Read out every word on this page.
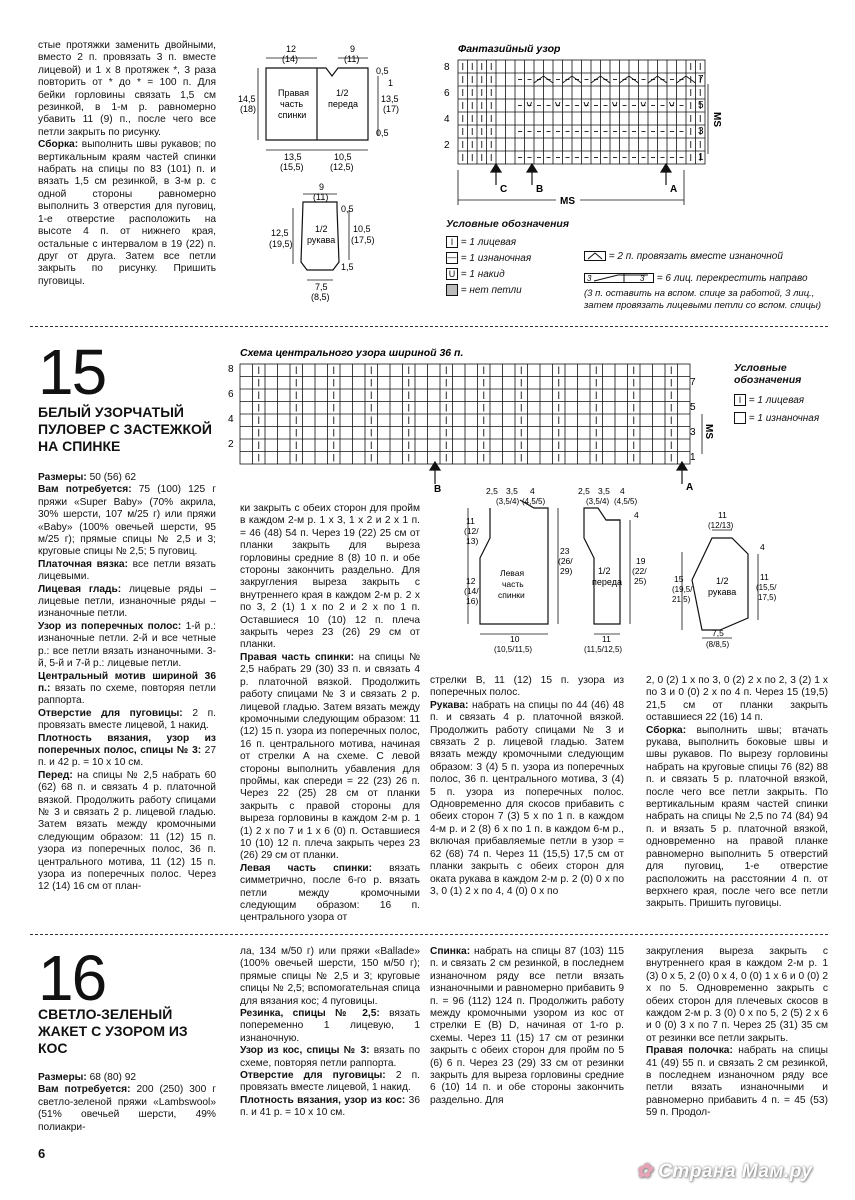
стые протяжки заменить двойными, вместо 2 п. провязать 3 п. вместе лицевой) и 1 х 8 протяжек *, 3 раза повторить от * до * = 100 п. Для бейки горловины связать 1,5 см резинкой, в 1-м р. равномерно убавить 11 (9) п., после чего все петли закрыть по рисунку.

Сборка: выполнить швы рукавов; по вертикальным краям частей спинки набрать на спицы по 83 (101) п. и вязать 1,5 см резинкой, в 3-м р. с одной стороны равномерно выполнить 3 отверстия для пуговиц, 1-е отверстие расположить на высоте 4 п. от нижнего края, остальные с интервалом в 19 (22) п. друг от друга. Затем все петли закрыть по рисунку. Пришить пуговицы.

12
(14)
9
(11)
14,5
(18)
13,5
(17)
0,5
1
0,5
Правая
часть
спинки
1/2
переда
13,5
(15,5)
10,5
(12,5)
9
(11)
0,5
12,5
(19,5)
10,5
(17,5)
1,5
1/2
рукава
7,5
(8,5)
Фантазийный узор
8
6
4
2
7
5
3
1
MS
C	B	A
MS
Условные обозначения
I
= 1 лицевая
—
= 1 изнаночная
U
= 1 накид

= нет петли

= 2 п. провязать вместе изнаночной
3	3
= 6 лиц. перекрестить направо
(3 п. оставить на вспом. спице за работой, 3 лиц., затем провязать лицевыми петли со вспом. спицы)
15
БЕЛЫЙ УЗОРЧАТЫЙ ПУЛОВЕР С ЗАСТЕЖКОЙ НА СПИНКЕ
Схема центрального узора шириной 36 п.
8
6
4
2
7
5
3
1
MS
B	A
Условные обозначения
I
= 1 лицевая

= 1 изнаночная
2,5 3,5 4
(3,5/4) (4,5/5)
11
(12/
13)
12
(14/
16)
23
(26/
29)
Левая
часть
спинки
10
(10,5/11,5)
2,5 3,5 4
(3,5/4) (4,5/5)
4
19
(22/
25)
1/2
переда
11
(11,5/12,5)
11
(12/13)
4
15
(19,5/
21,5)
11
(15,5/
17,5)
1/2
рукава
7,5
(8/8,5)

Размеры: 50 (56) 62

Вам потребуется: 75 (100) 125 г пряжи «Super Baby» (70% акрила, 30% шерсти, 107 м/25 г) или пряжи «Baby» (100% овечьей шерсти, 95 м/25 г); прямые спицы № 2,5 и 3; круговые спицы № 2,5; 5 пуговиц.

Платочная вязка: все петли вязать лицевыми.

Лицевая гладь: лицевые ряды – лицевые петли, изнаночные ряды – изнаночные петли.

Узор из поперечных полос: 1-й р.: изнаночные петли. 2-й и все четные р.: все петли вязать изнаночными. 3-й, 5-й и 7-й р.: лицевые петли.

Центральный мотив шириной 36 п.: вязать по схеме, повторяя петли раппорта.

Отверстие для пуговицы: 2 п. провязать вместе лицевой, 1 накид.

Плотность вязания, узор из поперечных полос, спицы № 3: 27 п. и 42 р. = 10 х 10 см.

Перед: на спицы № 2,5 набрать 60 (62) 68 п. и связать 4 р. платочной вязкой. Продолжить работу спицами № 3 и связать 2 р. лицевой гладью. Затем вязать между кромочными следующим образом: 11 (12) 15 п. узора из поперечных полос, 36 п. центрального мотива, 11 (12) 15 п. узора из поперечных полос. Через 12 (14) 16 см от план-

ки закрыть с обеих сторон для пройм в каждом 2-м р. 1 х 3, 1 х 2 и 2 х 1 п. = 46 (48) 54 п. Через 19 (22) 25 см от планки закрыть для выреза горловины средние 8 (8) 10 п. и обе стороны закончить раздельно. Для закругления выреза закрыть с внутреннего края в каждом 2-м р. 2 х по 3, 2 (1) 1 х по 2 и 2 х по 1 п. Оставшиеся 10 (10) 12 п. плеча закрыть через 23 (26) 29 см от планки.

Правая часть спинки: на спицы № 2,5 набрать 29 (30) 33 п. и связать 4 р. платочной вязкой. Продолжить работу спицами № 3 и связать 2 р. лицевой гладью. Затем вязать между кромочными следующим образом: 11 (12) 15 п. узора из поперечных полос, 16 п. центрального мотива, начиная от стрелки А на схеме. С левой стороны выполнить убавления для проймы, как спереди = 22 (23) 26 п. Через 22 (25) 28 см от планки закрыть с правой стороны для выреза горловины в каждом 2-м р. 1 (1) 2 х по 7 и 1 х 6 (0) п. Оставшиеся 10 (10) 12 п. плеча закрыть через 23 (26) 29 см от планки.

Левая часть спинки: вязать симметрично, после 6-го р. вязать петли между кромочными следующим образом: 16 п. центрального узора от

стрелки В, 11 (12) 15 п. узора из поперечных полос.

Рукава: набрать на спицы по 44 (46) 48 п. и связать 4 р. платочной вязкой. Продолжить работу спицами № 3 и связать 2 р. лицевой гладью. Затем вязать между кромочными следующим образом: 3 (4) 5 п. узора из поперечных полос, 36 п. центрального мотива, 3 (4) 5 п. узора из поперечных полос. Одновременно для скосов прибавить с обеих сторон 7 (3) 5 х по 1 п. в каждом 4-м р. и 2 (8) 6 х по 1 п. в каждом 6-м р., включая прибавляемые петли в узор = 62 (68) 74 п. Через 11 (15,5) 17,5 см от планки закрыть с обеих сторон для оката рукава в каждом 2-м р. 2 (0) 0 х по 3, 0 (1) 2 х по 4, 4 (0) 0 х по

2, 0 (2) 1 х по 3, 0 (2) 2 х по 2, 3 (2) 1 х по 3 и 0 (0) 2 х по 4 п. Через 15 (19,5) 21,5 см от планки закрыть оставшиеся 22 (16) 14 п.

Сборка: выполнить швы; втачать рукава, выполнить боковые швы и швы рукавов. По вырезу горловины набрать на круговые спицы 76 (82) 88 п. и связать 5 р. платочной вязкой, после чего все петли закрыть. По вертикальным краям частей спинки набрать на спицы № 2,5 по 74 (84) 94 п. и вязать 5 р. платочной вязкой, одновременно на правой планке равномерно выполнить 5 отверстий для пуговиц, 1-е отверстие расположить на расстоянии 4 п. от верхнего края, после чего все петли закрыть. Пришить пуговицы.

16
СВЕТЛО-ЗЕЛЕНЫЙ ЖАКЕТ С УЗОРОМ ИЗ КОС

Размеры: 68 (80) 92

Вам потребуется: 200 (250) 300 г светло-зеленой пряжи «Lambswool» (51% овечьей шерсти, 49% полиакри-

ла, 134 м/50 г) или пряжи «Ballade» (100% овечьей шерсти, 150 м/50 г); прямые спицы № 2,5 и 3; круговые спицы № 2,5; вспомогательная спица для вязания кос; 4 пуговицы.

Резинка, спицы № 2,5: вязать попеременно 1 лицевую, 1 изнаночную.

Узор из кос, спицы № 3: вязать по схеме, повторяя петли раппорта.

Отверстие для пуговицы: 2 п. провязать вместе лицевой, 1 накид.

Плотность вязания, узор из кос: 36 п. и 41 р. = 10 х 10 см.

Спинка: набрать на спицы 87 (103) 115 п. и связать 2 см резинкой, в последнем изнаночном ряду все петли вязать изнаночными и равномерно прибавить 9 п. = 96 (112) 124 п. Продолжить работу между кромочными узором из кос от стрелки E (B) D, начиная от 1-го р. схемы. Через 11 (15) 17 см от резинки закрыть с обеих сторон для пройм по 5 (6) 6 п. Через 23 (29) 33 см от резинки закрыть для выреза горловины средние 6 (10) 14 п. и обе стороны закончить раздельно. Для

закругления выреза закрыть с внутреннего края в каждом 2-м р. 1 (3) 0 х 5, 2 (0) 0 х 4, 0 (0) 1 х 6 и 0 (0) 2 х по 5. Одновременно закрыть с обеих сторон для плечевых скосов в каждом 2-м р. 3 (0) 0 х по 5, 2 (5) 2 х 6 и 0 (0) 3 х по 7 п. Через 25 (31) 35 см от резинки все петли закрыть.

Правая полочка: набрать на спицы 41 (49) 55 п. и связать 2 см резинкой, в последнем изнаночном ряду все петли вязать изнаночными и равномерно прибавить 4 п. = 45 (53) 59 п. Продол-

6
✿ Страна Мам.ру
